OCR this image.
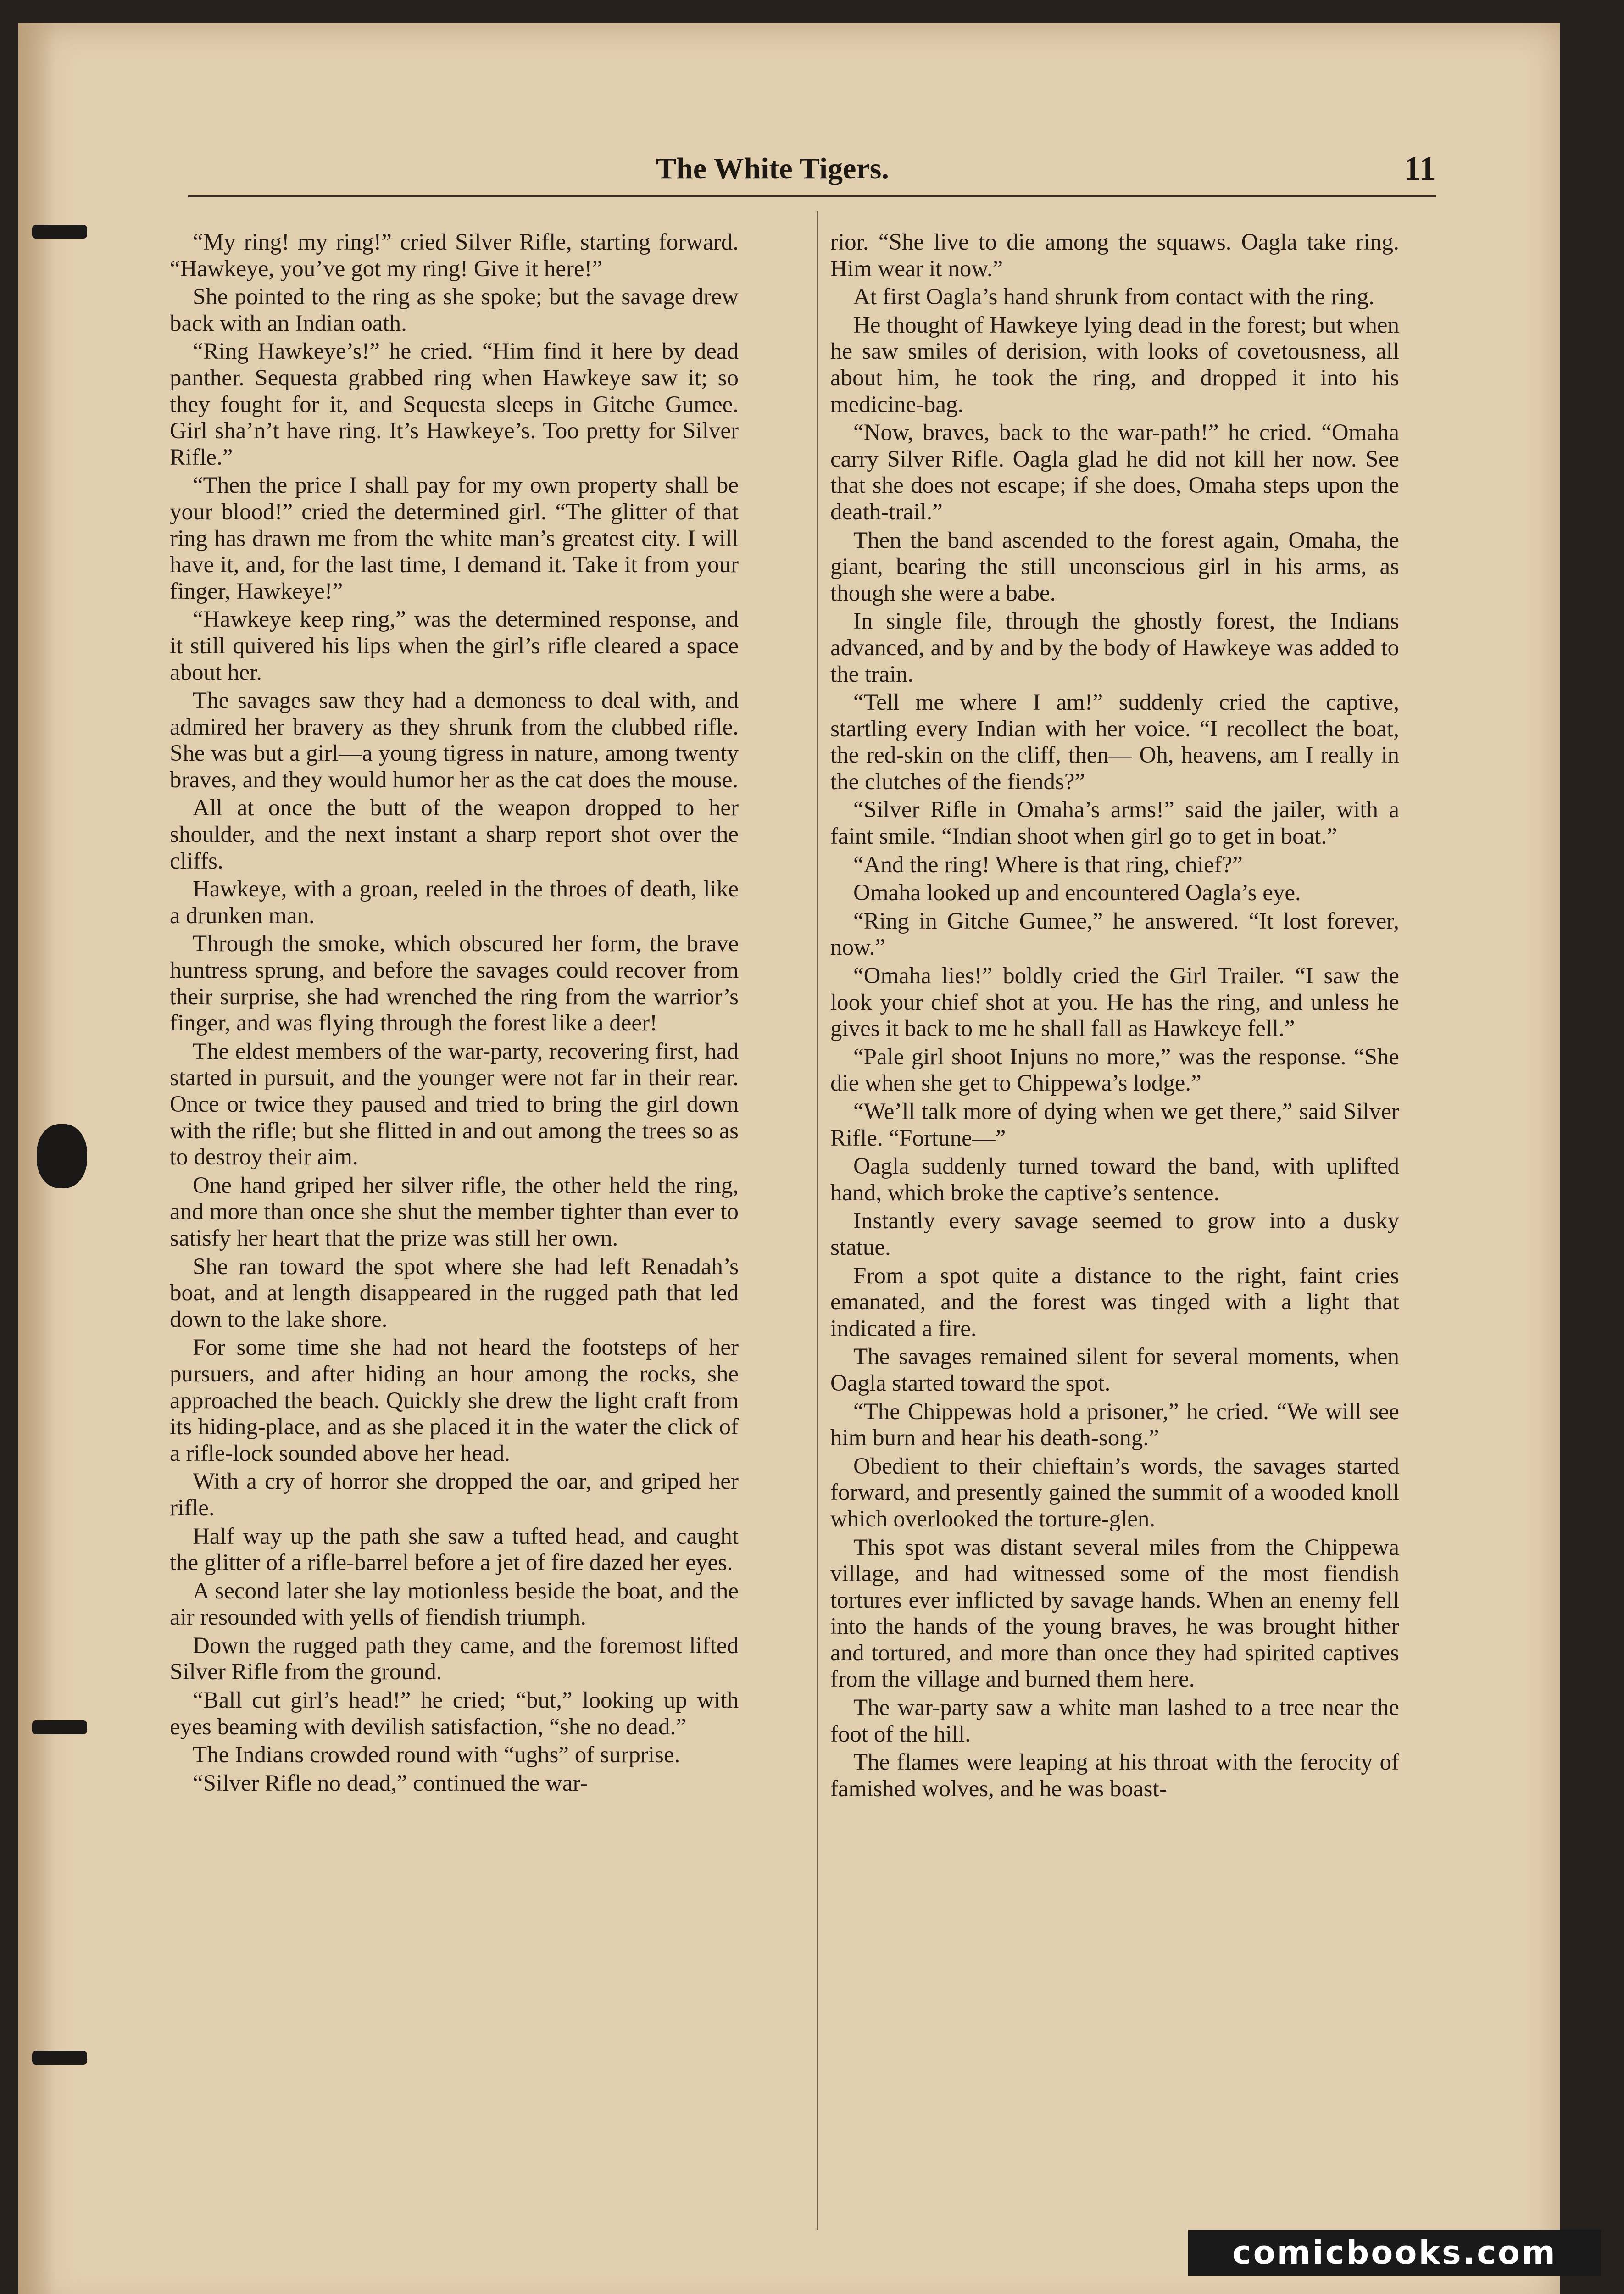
The White Tigers.	11

“My ring! my ring!” cried Silver Rifle, starting forward. “Hawkeye, you’ve got my ring! Give it here!”

She pointed to the ring as she spoke; but the savage drew back with an Indian oath.

“Ring Hawkeye’s!” he cried. “Him find it here by dead panther. Sequesta grabbed ring when Hawkeye saw it; so they fought for it, and Sequesta sleeps in Gitche Gumee. Girl sha’n’t have ring. It’s Hawkeye’s. Too pretty for Silver Rifle.”

“Then the price I shall pay for my own property shall be your blood!” cried the determined girl. “The glitter of that ring has drawn me from the white man’s greatest city. I will have it, and, for the last time, I demand it. Take it from your finger, Hawkeye!”

“Hawkeye keep ring,” was the determined response, and it still quivered his lips when the girl’s rifle cleared a space about her.

The savages saw they had a demoness to deal with, and admired her bravery as they shrunk from the clubbed rifle. She was but a girl—a young tigress in nature, among twenty braves, and they would humor her as the cat does the mouse.

All at once the butt of the weapon dropped to her shoulder, and the next instant a sharp report shot over the cliffs.

Hawkeye, with a groan, reeled in the throes of death, like a drunken man.

Through the smoke, which obscured her form, the brave huntress sprung, and before the savages could recover from their surprise, she had wrenched the ring from the warrior’s finger, and was flying through the forest like a deer!

The eldest members of the war-party, recovering first, had started in pursuit, and the younger were not far in their rear. Once or twice they paused and tried to bring the girl down with the rifle; but she flitted in and out among the trees so as to destroy their aim.

One hand griped her silver rifle, the other held the ring, and more than once she shut the member tighter than ever to satisfy her heart that the prize was still her own.

She ran toward the spot where she had left Renadah’s boat, and at length disappeared in the rugged path that led down to the lake shore.

For some time she had not heard the footsteps of her pursuers, and after hiding an hour among the rocks, she approached the beach. Quickly she drew the light craft from its hiding-place, and as she placed it in the water the click of a rifle-lock sounded above her head.

With a cry of horror she dropped the oar, and griped her rifle.

Half way up the path she saw a tufted head, and caught the glitter of a rifle-barrel before a jet of fire dazed her eyes.

A second later she lay motionless beside the boat, and the air resounded with yells of fiendish triumph.

Down the rugged path they came, and the foremost lifted Silver Rifle from the ground.

“Ball cut girl’s head!” he cried; “but,” looking up with eyes beaming with devilish satisfaction, “she no dead.”

The Indians crowded round with “ughs” of surprise.

“Silver Rifle no dead,” continued the war-

rior. “She live to die among the squaws. Oagla take ring. Him wear it now.”

At first Oagla’s hand shrunk from contact with the ring.

He thought of Hawkeye lying dead in the forest; but when he saw smiles of derision, with looks of covetousness, all about him, he took the ring, and dropped it into his medicine-bag.

“Now, braves, back to the war-path!” he cried. “Omaha carry Silver Rifle. Oagla glad he did not kill her now. See that she does not escape; if she does, Omaha steps upon the death-trail.”

Then the band ascended to the forest again, Omaha, the giant, bearing the still unconscious girl in his arms, as though she were a babe.

In single file, through the ghostly forest, the Indians advanced, and by and by the body of Hawkeye was added to the train.

“Tell me where I am!” suddenly cried the captive, startling every Indian with her voice. “I recollect the boat, the red-skin on the cliff, then— Oh, heavens, am I really in the clutches of the fiends?”

“Silver Rifle in Omaha’s arms!” said the jailer, with a faint smile. “Indian shoot when girl go to get in boat.”

“And the ring! Where is that ring, chief?”

Omaha looked up and encountered Oagla’s eye.

“Ring in Gitche Gumee,” he answered. “It lost forever, now.”

“Omaha lies!” boldly cried the Girl Trailer. “I saw the look your chief shot at you. He has the ring, and unless he gives it back to me he shall fall as Hawkeye fell.”

“Pale girl shoot Injuns no more,” was the response. “She die when she get to Chippewa’s lodge.”

“We’ll talk more of dying when we get there,” said Silver Rifle. “Fortune—”

Oagla suddenly turned toward the band, with uplifted hand, which broke the captive’s sentence.

Instantly every savage seemed to grow into a dusky statue.

From a spot quite a distance to the right, faint cries emanated, and the forest was tinged with a light that indicated a fire.

The savages remained silent for several moments, when Oagla started toward the spot.

“The Chippewas hold a prisoner,” he cried. “We will see him burn and hear his death-song.”

Obedient to their chieftain’s words, the savages started forward, and presently gained the summit of a wooded knoll which overlooked the torture-glen.

This spot was distant several miles from the Chippewa village, and had witnessed some of the most fiendish tortures ever inflicted by savage hands. When an enemy fell into the hands of the young braves, he was brought hither and tortured, and more than once they had spirited captives from the village and burned them here.

The war-party saw a white man lashed to a tree near the foot of the hill.

The flames were leaping at his throat with the ferocity of famished wolves, and he was boast-

comicbooks.com
